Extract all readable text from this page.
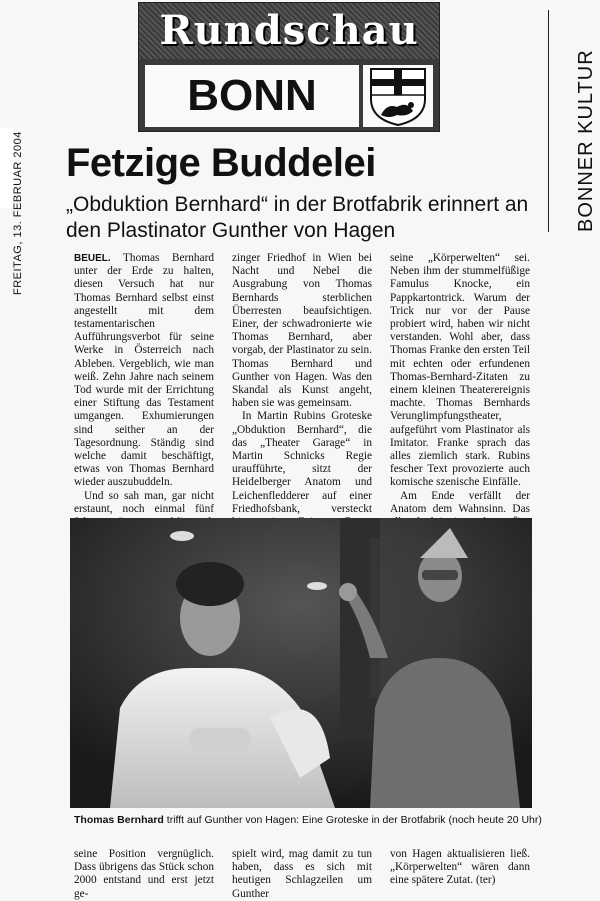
Rundschau
BONN
FREITAG, 13. FEBRUAR 2004	BONNER KULTUR
Fetzige Buddelei
„Obduktion Bernhard“ in der Brotfabrik erinnert an den Plastinator Gunther von Hagen

BEUEL. Thomas Bernhard unter der Erde zu halten, diesen Versuch hat nur Thomas Bernhard selbst einst angestellt mit dem testamentarischen Aufführungsverbot für seine Werke in Österreich nach Ableben. Vergeblich, wie man weiß. Zehn Jahre nach seinem Tod wurde mit der Errichtung einer Stiftung das Testament umgangen. Exhumierungen sind seither an der Tagesordnung. Ständig sind welche damit beschäftigt, etwas von Thomas Bernhard wieder auszubuddeln.

Und so sah man, gar nicht erstaunt, noch einmal fünf

zinger Friedhof in Wien bei Nacht und Nebel die Ausgrabung von Thomas Bernhards sterblichen Überresten beaufsichtigen. Einer, der schwadronierte wie Thomas Bernhard, aber vorgab, der Plastinator zu sein. Thomas Bernhard und Gunther von Hagen. Was den Skandal als Kunst angeht, haben sie was gemeinsam.

In Martin Rubins Groteske „Obduktion Bernhard“, die das „Theater Garage“ in Martin Schnicks Regie uraufführte, sitzt der Heidelberger Anatom und Leichenfledderer auf einer Friedhofsbank, versteckt

seine „Körperwelten“ sei. Neben ihm der stummelfüßige Famulus Knocke, ein Pappkartontrick. Warum der Trick nur vor der Pause probiert wird, haben wir nicht verstanden. Wohl aber, dass Thomas Franke den ersten Teil mit echten oder erfundenen Thomas-Bernhard-Zitaten zu einem kleinen Theaterereignis machte. Thomas Bernhards Verunglimpfungstheater, aufgeführt vom Plastinator als Imitator. Franke sprach das alles ziemlich stark. Rubins fescher Text provozierte auch komische szenische Einfälle.

Am Ende verfällt der Anatom dem Wahnsinn. Das

Thomas Bernhard trifft auf Gunther von Hagen: Eine Groteske in der Brotfabrik (noch heute 20 Uhr)

seine Position vergnüglich. Dass übrigens das Stück schon 2000 entstand und erst jetzt ge-

spielt wird, mag damit zu tun haben, dass es sich mit heutigen Schlagzeilen um Gunther

von Hagen aktualisieren ließ. „Körperwelten“ wären dann eine spätere Zutat. (ter)
